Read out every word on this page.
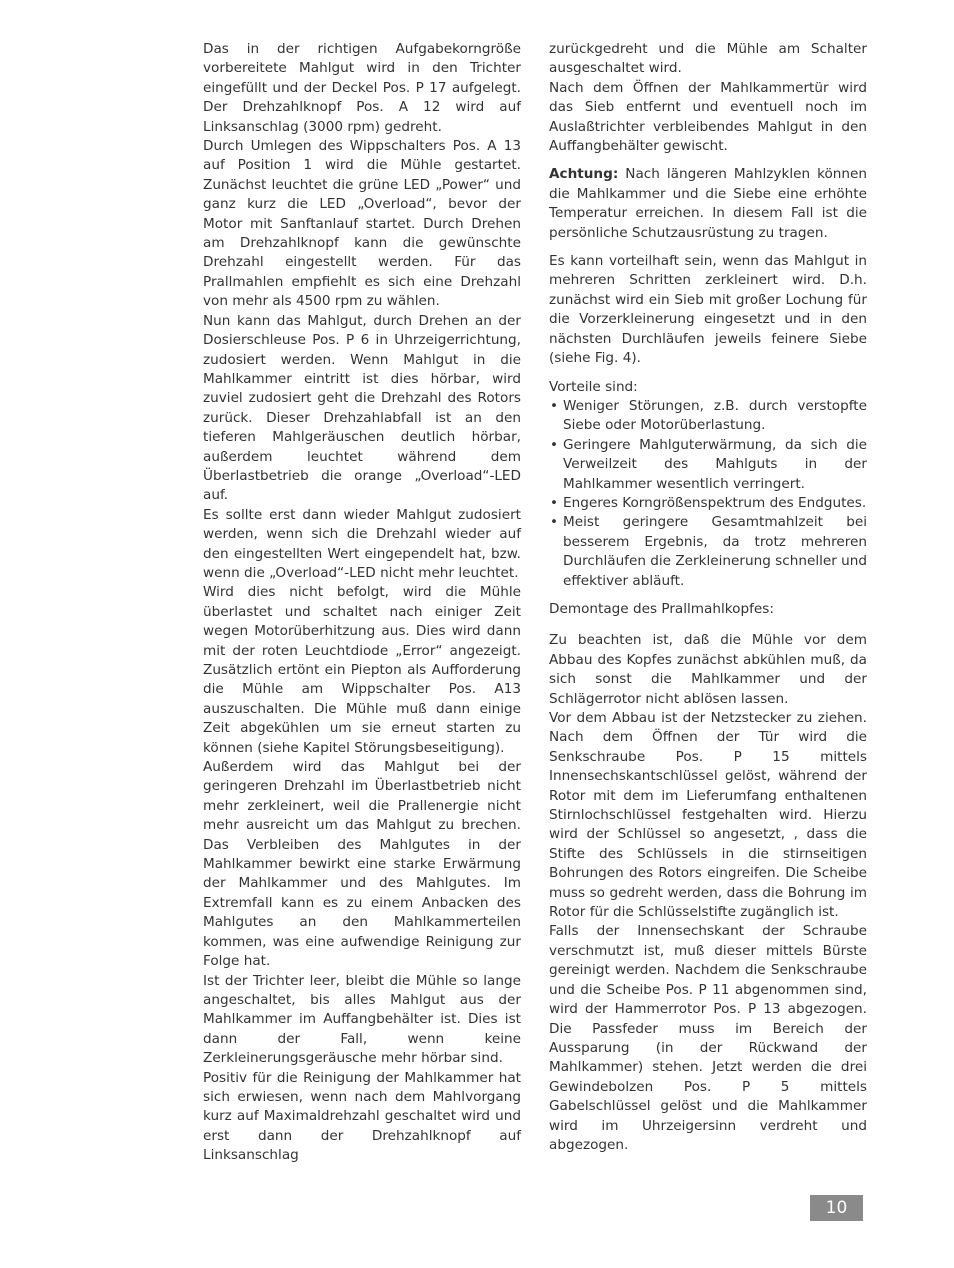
Das in der richtigen Aufgabekorngröße vorbereitete Mahlgut wird in den Trichter eingefüllt und der Deckel Pos. P 17 aufgelegt. Der Drehzahlknopf Pos. A 12 wird auf Linksanschlag (3000 rpm) gedreht.

Durch Umlegen des Wippschalters Pos. A 13 auf Position 1 wird die Mühle gestartet. Zunächst leuchtet die grüne LED „Power“ und ganz kurz die LED „Overload“, bevor der Motor mit Sanftanlauf startet. Durch Drehen am Drehzahlknopf kann die gewünschte Drehzahl eingestellt werden. Für das Prallmahlen empfiehlt es sich eine Drehzahl von mehr als 4500 rpm zu wählen.

Nun kann das Mahlgut, durch Drehen an der Dosierschleuse Pos. P 6 in Uhrzeigerrichtung, zudosiert werden. Wenn Mahlgut in die Mahlkammer eintritt ist dies hörbar, wird zuviel zudosiert geht die Drehzahl des Rotors zurück. Dieser Drehzahlabfall ist an den tieferen Mahlgeräuschen deutlich hörbar, außerdem leuchtet während dem Überlastbetrieb die orange „Overload“-LED auf.

Es sollte erst dann wieder Mahlgut zudosiert werden, wenn sich die Drehzahl wieder auf den eingestellten Wert eingependelt hat, bzw. wenn die „Overload“-LED nicht mehr leuchtet.

Wird dies nicht befolgt, wird die Mühle überlastet und schaltet nach einiger Zeit wegen Motorüberhitzung aus. Dies wird dann mit der roten Leuchtdiode „Error“ angezeigt. Zusätzlich ertönt ein Piepton als Aufforderung die Mühle am Wippschalter Pos. A13 auszuschalten. Die Mühle muß dann einige Zeit abgekühlen um sie erneut starten zu können (siehe Kapitel Störungsbeseitigung).

Außerdem wird das Mahlgut bei der geringeren Drehzahl im Überlastbetrieb nicht mehr zerkleinert, weil die Prallenergie nicht mehr ausreicht um das Mahlgut zu brechen. Das Verbleiben des Mahlgutes in der Mahlkammer bewirkt eine starke Erwärmung der Mahlkammer und des Mahlgutes. Im Extremfall kann es zu einem Anbacken des Mahlgutes an den Mahlkammerteilen kommen, was eine aufwendige Reinigung zur Folge hat.

Ist der Trichter leer, bleibt die Mühle so lange angeschaltet, bis alles Mahlgut aus der Mahlkammer im Auffangbehälter ist. Dies ist dann der Fall, wenn keine Zerkleinerungsgeräusche mehr hörbar sind.

Positiv für die Reinigung der Mahlkammer hat sich erwiesen, wenn nach dem Mahlvorgang kurz auf Maximaldrehzahl geschaltet wird und erst dann der Drehzahlknopf auf Linksanschlag

zurückgedreht und die Mühle am Schalter ausgeschaltet wird.

Nach dem Öffnen der Mahlkammertür wird das Sieb entfernt und eventuell noch im Auslaßtrichter verbleibendes Mahlgut in den Auffangbehälter gewischt.

Achtung: Nach längeren Mahlzyklen können die Mahlkammer und die Siebe eine erhöhte Temperatur erreichen. In diesem Fall ist die persönliche Schutzausrüstung zu tragen.

Es kann vorteilhaft sein, wenn das Mahlgut in mehreren Schritten zerkleinert wird. D.h. zunächst wird ein Sieb mit großer Lochung für die Vorzerkleinerung eingesetzt und in den nächsten Durchläufen jeweils feinere Siebe (siehe Fig. 4).

Vorteile sind:

• Weniger Störungen, z.B. durch verstopfte Siebe oder Motorüberlastung.
• Geringere Mahlguterwärmung, da sich die Verweilzeit des Mahlguts in der Mahlkammer wesentlich verringert.
• Engeres Korngrößenspektrum des Endgutes.
• Meist geringere Gesamtmahlzeit bei besserem Ergebnis, da trotz mehreren Durchläufen die Zerkleinerung schneller und effektiver abläuft.

Demontage des Prallmahlkopfes:

Zu beachten ist, daß die Mühle vor dem Abbau des Kopfes zunächst abkühlen muß, da sich sonst die Mahlkammer und der Schlägerrotor nicht ablösen lassen.

Vor dem Abbau ist der Netzstecker zu ziehen. Nach dem Öffnen der Tür wird die Senkschraube Pos. P 15 mittels Innensechskantschlüssel gelöst, während der Rotor mit dem im Lieferumfang enthaltenen Stirnlochschlüssel festgehalten wird. Hierzu wird der Schlüssel so angesetzt, , dass die Stifte des Schlüssels in die stirnseitigen Bohrungen des Rotors eingreifen. Die Scheibe muss so gedreht werden, dass die Bohrung im Rotor für die Schlüsselstifte zugänglich ist.

Falls der Innensechskant der Schraube verschmutzt ist, muß dieser mittels Bürste gereinigt werden. Nachdem die Senkschraube und die Scheibe Pos. P 11 abgenommen sind, wird der Hammerrotor Pos. P 13 abgezogen. Die Passfeder muss im Bereich der Aussparung (in der Rückwand der Mahlkammer) stehen. Jetzt werden die drei Gewindebolzen Pos. P 5 mittels Gabelschlüssel gelöst und die Mahlkammer wird im Uhrzeigersinn verdreht und abgezogen.

10
